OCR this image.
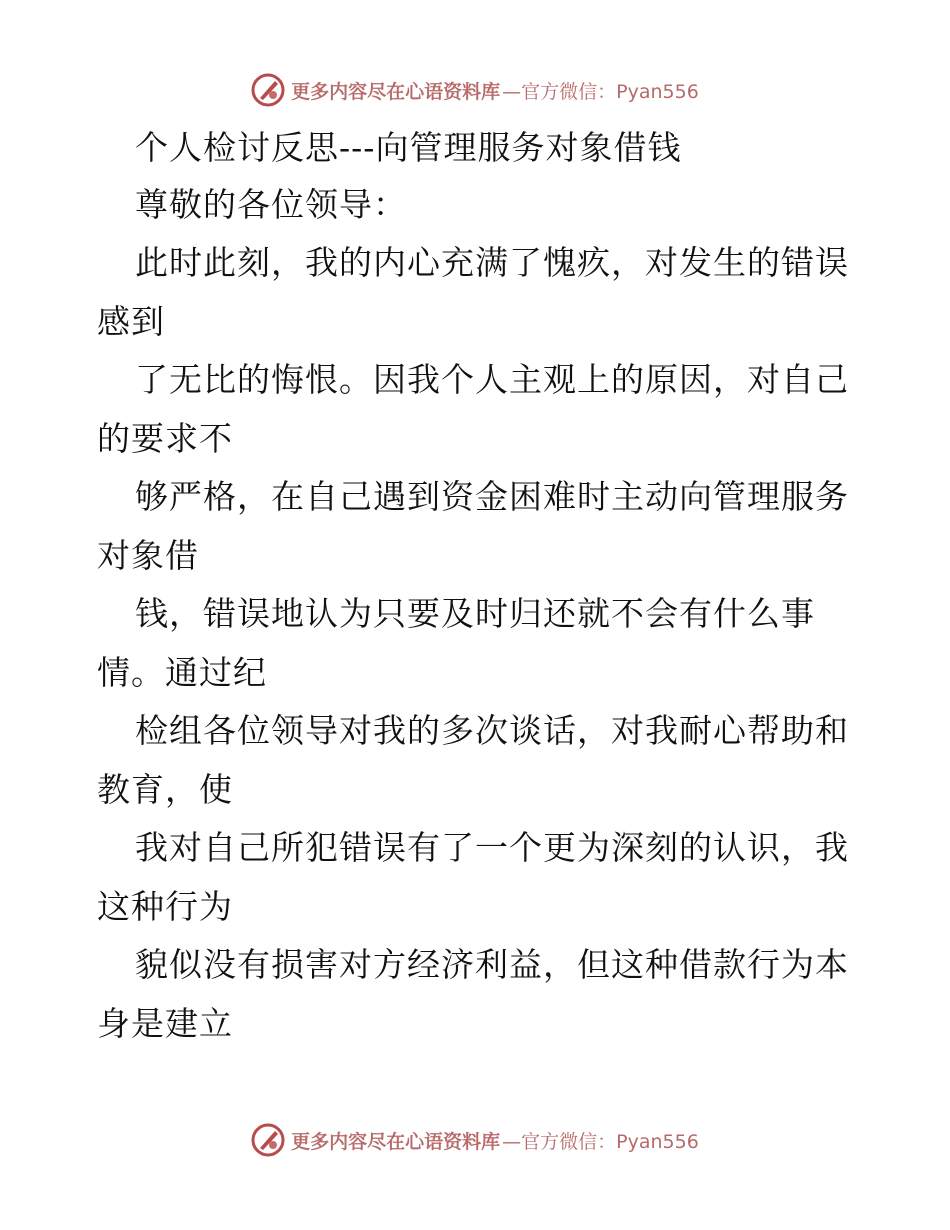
更多内容尽在心语资料库 —官方微信：Pyan556
个人检讨反思---向管理服务对象借钱
尊敬的各位领导：
此时此刻，我的内心充满了愧疚，对发生的错误
感到
了无比的悔恨。因我个人主观上的原因，对自己
的要求不
够严格，在自己遇到资金困难时主动向管理服务
对象借
钱，错误地认为只要及时归还就不会有什么事
情。通过纪
检组各位领导对我的多次谈话，对我耐心帮助和
教育，使
我对自己所犯错误有了一个更为深刻的认识，我
这种行为
貌似没有损害对方经济利益，但这种借款行为本
身是建立
更多内容尽在心语资料库 —官方微信：Pyan556
